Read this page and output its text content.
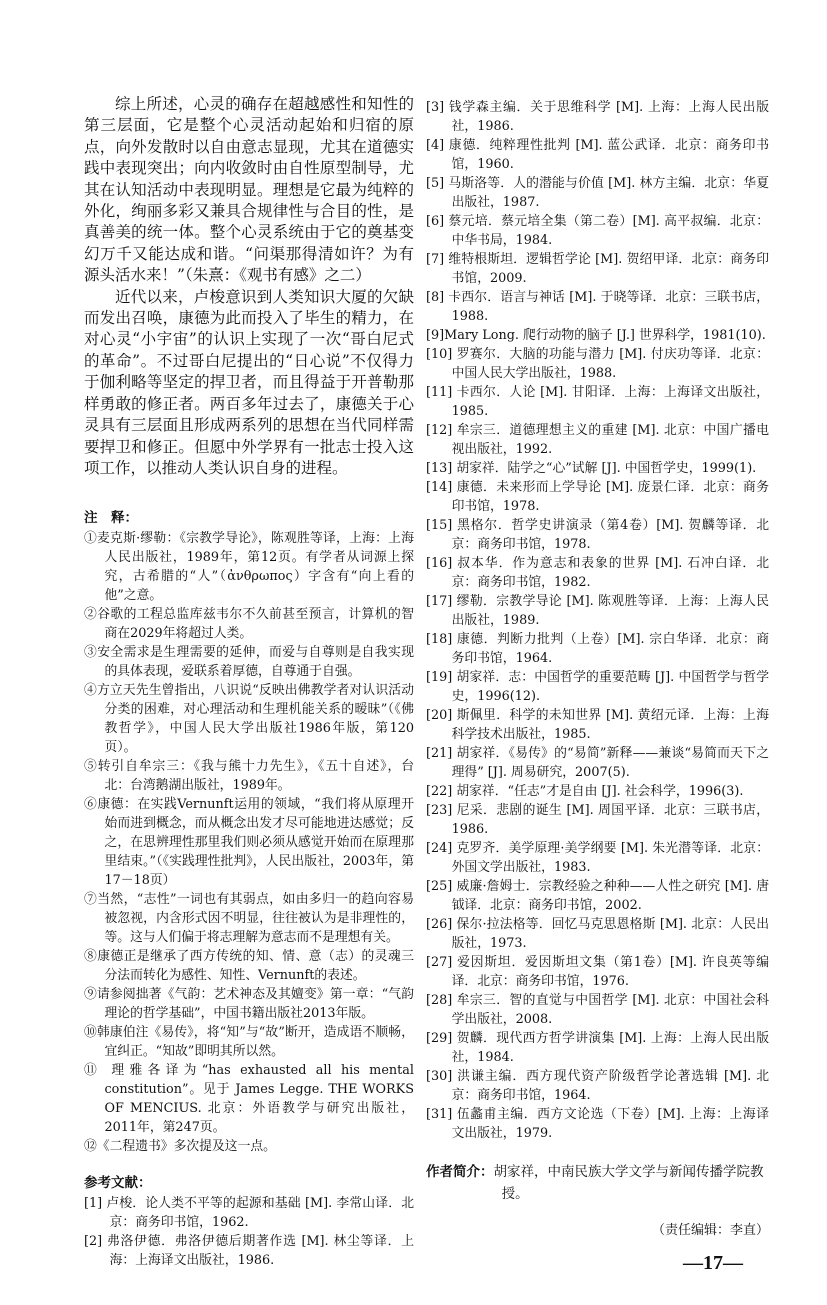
综上所述，心灵的确存在超越感性和知性的第三层面，它是整个心灵活动起始和归宿的原点，向外发散时以自由意志显现，尤其在道德实践中表现突出；向内收敛时由自性原型制导，尤其在认知活动中表现明显。理想是它最为纯粹的外化，绚丽多彩又兼具合规律性与合目的性，是真善美的统一体。整个心灵系统由于它的奠基变幻万千又能达成和谐。“问渠那得清如许？为有源头活水来！”（朱熹：《观书有感》之二）

近代以来，卢梭意识到人类知识大厦的欠缺而发出召唤，康德为此而投入了毕生的精力，在对心灵“小宇宙”的认识上实现了一次“哥白尼式的革命”。不过哥白尼提出的“日心说”不仅得力于伽利略等坚定的捍卫者，而且得益于开普勒那样勇敢的修正者。两百多年过去了，康德关于心灵具有三层面且形成两系列的思想在当代同样需要捍卫和修正。但愿中外学界有一批志士投入这项工作，以推动人类认识自身的进程。

注　释：
①麦克斯·缪勒：《宗教学导论》，陈观胜等译，上海：上海人民出版社，1989年，第12页。有学者从词源上探究，古希腊的“人”（ἀνθρωπος）字含有“向上看的他”之意。
②谷歌的工程总监库兹韦尔不久前甚至预言，计算机的智商在2029年将超过人类。
③安全需求是生理需要的延伸，而爱与自尊则是自我实现的具体表现，爱联系着厚德，自尊通于自强。
④方立天先生曾指出，八识说“反映出佛教学者对认识活动分类的困难，对心理活动和生理机能关系的暧昧”（《佛教哲学》，中国人民大学出版社1986年版，第120页）。
⑤转引自牟宗三：《我与熊十力先生》，《五十自述》，台北：台湾鹅湖出版社，1989年。
⑥康德：在实践Vernunft运用的领域，“我们将从原理开始而进到概念，而从概念出发才尽可能地进达感觉；反之，在思辨理性那里我们则必须从感觉开始而在原理那里结束。”（《实践理性批判》，人民出版社，2003年，第17－18页）
⑦当然，“志性”一词也有其弱点，如由多归一的趋向容易被忽视，内含形式因不明显，往往被认为是非理性的，等。这与人们偏于将志理解为意志而不是理想有关。
⑧康德正是继承了西方传统的知、情、意（志）的灵魂三分法而转化为感性、知性、Vernunft的表述。
⑨请参阅拙著《气韵：艺术神态及其嬗变》第一章：“气韵理论的哲学基础”，中国书籍出版社2013年版。
⑩韩康伯注《易传》，将“知”与“故”断开，造成语不顺畅，宜纠正。“知故”即明其所以然。
⑪ 理雅各译为“has exhausted all his mental constitution”。见于 James Legge. THE WORKS OF MENCIUS. 北京：外语教学与研究出版社，2011年，第247页。
⑫《二程遗书》多次提及这一点。
参考文献：
[1] 卢梭．论人类不平等的起源和基础 [M]. 李常山译．北京：商务印书馆，1962.
[2] 弗洛伊德．弗洛伊德后期著作选 [M]. 林尘等译．上海：上海译文出版社，1986.
[3] 钱学森主编．关于思维科学 [M]. 上海：上海人民出版社，1986.
[4] 康德．纯粹理性批判 [M]. 蓝公武译．北京：商务印书馆，1960.
[5] 马斯洛等．人的潜能与价值 [M]. 林方主编．北京：华夏出版社，1987.
[6] 蔡元培．蔡元培全集（第二卷）[M]. 高平叔编．北京：中华书局，1984.
[7] 维特根斯坦．逻辑哲学论 [M]. 贺绍甲译．北京：商务印书馆，2009.
[8] 卡西尔．语言与神话 [M]. 于晓等译．北京：三联书店，1988.
[9]Mary Long. 爬行动物的脑子 [J.] 世界科学，1981(10).
[10] 罗赛尔．大脑的功能与潜力 [M]. 付庆功等译．北京：中国人民大学出版社，1988.
[11] 卡西尔．人论 [M]. 甘阳译．上海：上海译文出版社，1985.
[12] 牟宗三．道德理想主义的重建 [M]. 北京：中国广播电视出版社，1992.
[13] 胡家祥．陆学之“心”试解 [J]. 中国哲学史，1999(1).
[14] 康德．未来形而上学导论 [M]. 庞景仁译．北京：商务印书馆，1978.
[15] 黑格尔．哲学史讲演录（第4卷）[M]. 贺麟等译．北京：商务印书馆，1978.
[16] 叔本华．作为意志和表象的世界 [M]. 石冲白译．北京：商务印书馆，1982.
[17] 缪勒．宗教学导论 [M]. 陈观胜等译．上海：上海人民出版社，1989.
[18] 康德．判断力批判（上卷）[M]. 宗白华译．北京：商务印书馆，1964.
[19] 胡家祥．志：中国哲学的重要范畴 [J]. 中国哲学与哲学史，1996(12).
[20] 斯佩里．科学的未知世界 [M]. 黄绍元译．上海：上海科学技术出版社，1985.
[21] 胡家祥．《易传》的“易简”新释——兼谈“易简而天下之理得” [J]. 周易研究，2007(5).
[22] 胡家祥．“任志”才是自由 [J]. 社会科学，1996(3).
[23] 尼采．悲剧的诞生 [M]. 周国平译．北京：三联书店，1986.
[24] 克罗齐．美学原理·美学纲要 [M]. 朱光潜等译．北京：外国文学出版社，1983.
[25] 威廉·詹姆士．宗教经验之种种——人性之研究 [M]. 唐钺译．北京：商务印书馆，2002.
[26] 保尔·拉法格等．回忆马克思恩格斯 [M]. 北京：人民出版社，1973.
[27] 爱因斯坦．爱因斯坦文集（第1卷）[M]. 许良英等编译．北京：商务印书馆，1976.
[28] 牟宗三．智的直觉与中国哲学 [M]. 北京：中国社会科学出版社，2008.
[29] 贺麟．现代西方哲学讲演集 [M]. 上海：上海人民出版社，1984.
[30] 洪谦主编．西方现代资产阶级哲学论著选辑 [M]. 北京：商务印书馆，1964.
[31] 伍蠡甫主编．西方文论选（下卷）[M]. 上海：上海译文出版社，1979.
作者简介：胡家祥，中南民族大学文学与新闻传播学院教授。
（责任编辑：李直）
—17—
